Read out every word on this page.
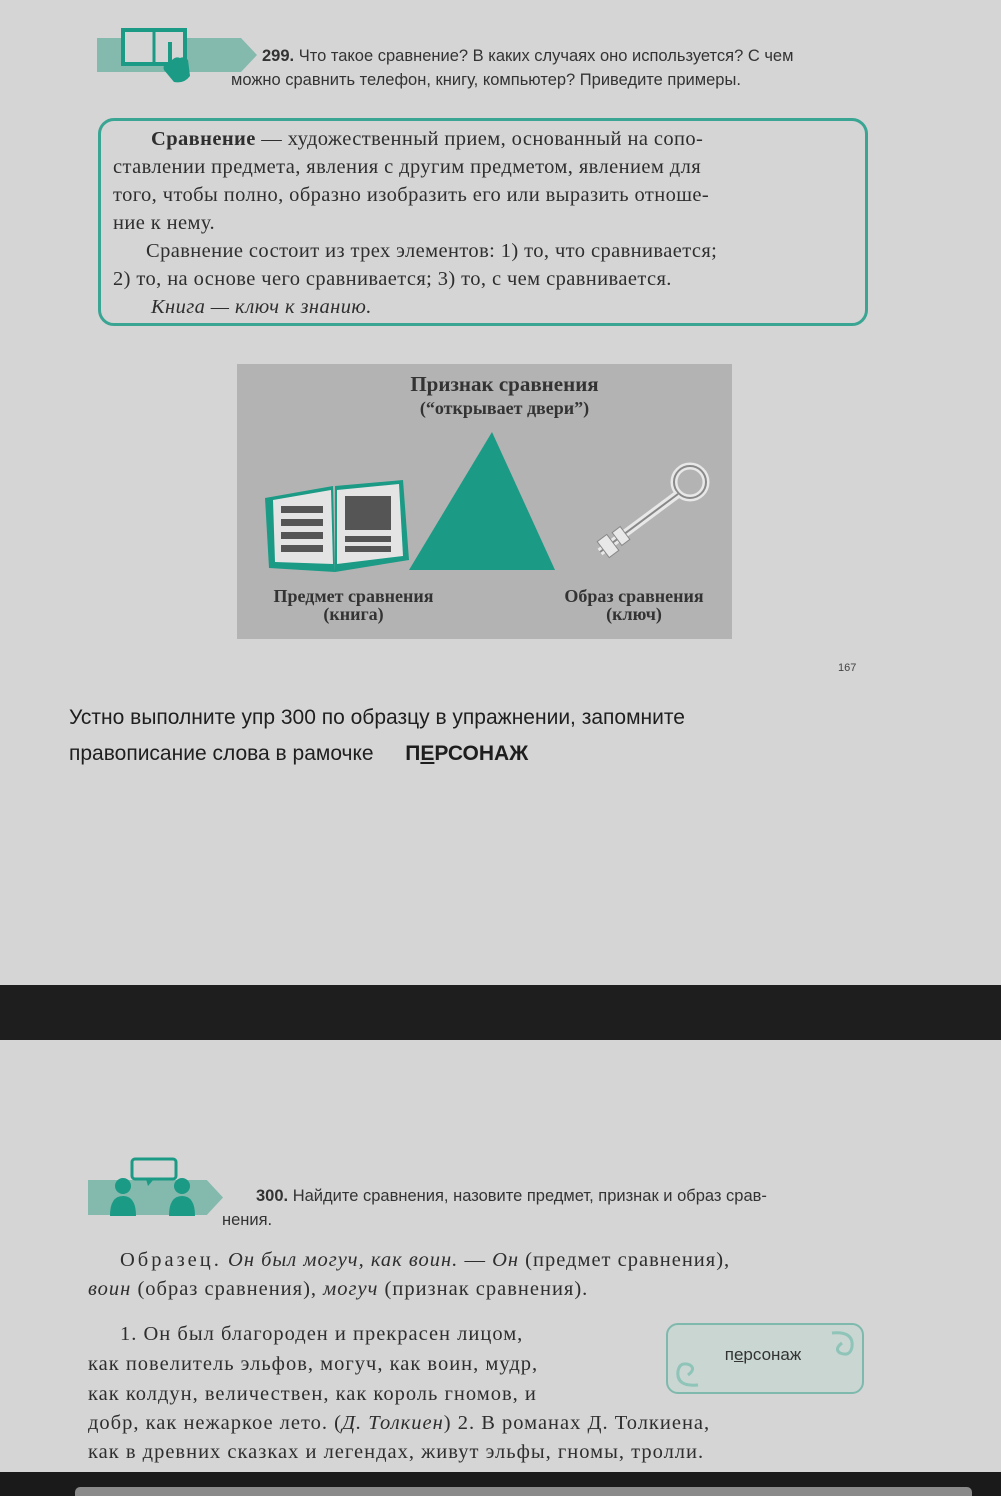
299. Что такое сравнение? В каких случаях оно используется? С чем
можно сравнить телефон, книгу, компьютер? Приведите примеры.
Сравнение — художественный прием, основанный на сопо-
ставлении предмета, явления с другим предметом, явлением для
того, чтобы полно, образно изобразить его или выразить отноше-
ние к нему.
Сравнение состоит из трех элементов: 1) то, что сравнивается;
2) то, на основе чего сравнивается; 3) то, с чем сравнивается.
Книга — ключ к знанию.
Признак сравнения
(“открывает двери”)
Предмет сравнения
(книга)
Образ сравнения
(ключ)
167
Устно выполните упр 300 по образцу в упражнении, запомните
правописание слова в рамочке ПЕРСОНАЖ
300. Найдите сравнения, назовите предмет, признак и образ срав-
нения.
Образец. Он был могуч, как воин. — Он (предмет сравнения),
воин (образ сравнения), могуч (признак сравнения).
1. Он был благороден и прекрасен лицом,
как повелитель эльфов, могуч, как воин, мудр,
как колдун, величествен, как король гномов, и
добр, как нежаркое лето. (Д. Толкиен) 2. В романах Д. Толкиена,
как в древних сказках и легендах, живут эльфы, гномы, тролли.
персонаж
